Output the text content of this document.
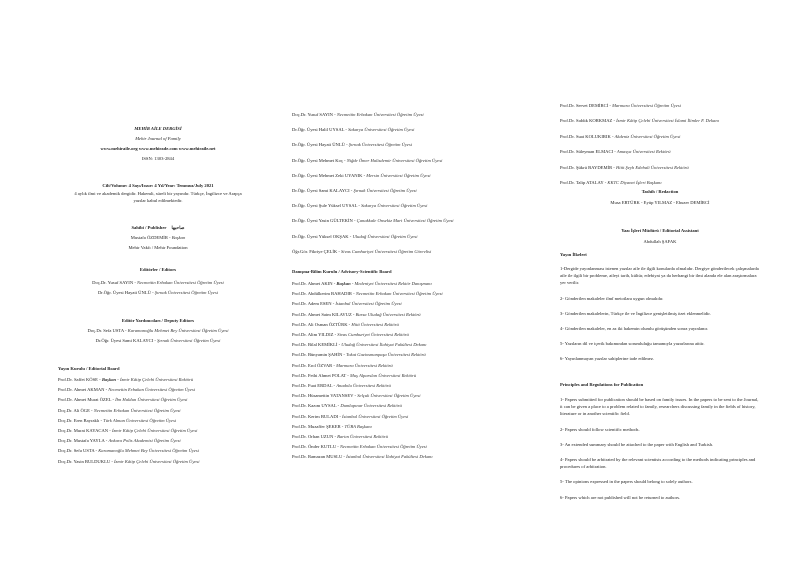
MEHİR AİLE DERGİSİ
Mehir Journal of Family
www.mehiraile.org www.mehirade.com www.mehiraile.net
ISSN: 1303-2844
Cilt/Volume: 4 Sayı/Issue: 4 Yıl/Year: Temmuz/July 2021
4 aylık ilmi ve akademik dergidir. Hakemli, süreli bir yayındır. Türkçe, İngilizce ve Arapça
yazılar kabul edilmektedir.
Sahibi / Publisher صاحبها
Mustafa ÖZDEMİR - Başkan
Mehir Vakfı / Mehir Foundation
Editörler / Editors
Doç.Dr. Yusuf SAYIN - Necmettin Erbakan Üniversitesi Öğretim Üyesi
Dr.Öğr. Üyesi Hayati ÜNLÜ - Şırnak Üniversitesi Öğretim Üyesi
Editör Yardımcıları / Deputy Editors
Doç.Dr. Sefa USTA - Karamanoğlu Mehmet Bey Üniversitesi Öğretim Üyesi
Dr.Öğr. Üyesi Sami KALAYCI - Şırnak Üniversitesi Öğretim Üyesi
Yayın Kurulu / Editorial Board
Prof.Dr. Saffet KÖSE - Başkan - İzmir Kâtip Çelebi Üniversitesi Rektörü
Prof.Dr. Ahmet AKMAN - Necmettin Erbakan Üniversitesi Öğretim Üyesi
Prof.Dr. Ahmet Murat ÖZEL - İbn Haldun Üniversitesi Öğretim Üyesi
Doç.Dr. Ali ÖGE - Necmettin Erbakan Üniversitesi Öğretim Üyesi
Doç.Dr. Eren Bayraklı - Türk Alman Üniversitesi Öğretim Üyesi
Doç.Dr. Murat KAYACAN - İzmir Kâtip Çelebi Üniversitesi Öğretim Üyesi
Doç.Dr. Mustafa YAYLA - Ankara Polis Akademisi Öğretim Üyesi
Doç.Dr. Sefa USTA - Karamanoğlu Mehmet Bey Üniversitesi Öğretim Üyesi
Doç.Dr. Yasin BULDUKLU - İzmir Kâtip Çelebi Üniversitesi Öğretim Üyesi
Doç.Dr. Yusuf SAYIN - Necmettin Erbakan Üniversitesi Öğretim Üyesi
Dr.Öğr. Üyesi Halil UYSAL - Sakarya Üniversitesi Öğretim Üyesi
Dr.Öğr. Üyesi Hayati ÜNLÜ - Şırnak Üniversitesi Öğretim Üyesi
Dr.Öğr. Üyesi Mehmet Koç - Niğde Ömer Halisdemir Üniversitesi Öğretim Üyesi
Dr.Öğr. Üyesi Mehmet Zeki UYANIK - Mersin Üniversitesi Öğretim Üyesi
Dr.Öğr. Üyesi Sami KALAYCI - Şırnak Üniversitesi Öğretim Üyesi
Dr.Öğr. Üyesi Şule Yüksel UYSAL - Sakarya Üniversitesi Öğretim Üyesi
Dr.Öğr. Üyesi Yasin GÜLTEKİN - Çanakkale Onsekiz Mart Üniversitesi Öğretim Üyesi
Dr.Öğr. Üyesi Yüksel OKŞAK - Uludağ Üniversitesi Öğretim Üyesi
Öğr.Gör. Fikriye ÇELİK - Sivas Cumhuriyet Üniversitesi Öğretim Görevlisi
Danışma-Bilim Kurulu / Advisory-Scientific Board
Prof.Dr. Ahmet AKIN - Başkan - Medeniyet Üniversitesi Rektör Danışmanı
Prof.Dr. Abdülkerim BAHADIR - Necmettin Erbakan Üniversitesi Öğretim Üyesi
Prof.Dr. Adem ESEN - İstanbul Üniversitesi Öğretim Üyesi
Prof.Dr. Ahmet Saim KILAVUZ - Bursa Uludağ Üniversitesi Rektörü
Prof.Dr. Ali Osman ÖZTÜRK - Hitit Üniversitesi Rektörü
Prof.Dr. Alim YILDIZ - Sivas Cumhuriyet Üniversitesi Rektörü
Prof.Dr. Bilal KEMİKLİ - Uludağ Üniversitesi İlahiyat Fakültesi Dekanı
Prof.Dr. Bünyamin ŞAHİN - Tokat Gaziosmanpaşa Üniversitesi Rektörü
Prof.Dr. Erol ÖZVAR - Marmara Üniversitesi Rektörü
Prof.Dr. Fethi Ahmet POLAT - Muş Alparslan Üniversitesi Rektörü
Prof.Dr. Fuat ERDAL - Anadolu Üniversitesi Rektörü
Prof.Dr. Hüsamettin VATANSEV - Selçuk Üniversitesi Öğretim Üyesi
Prof.Dr. Kazım UYSAL - Dumlupınar Üniversitesi Rektörü
Prof.Dr. Kerim BULADI - İstanbul Üniversitesi Öğretim Üyesi
Prof.Dr. Muzaffer ŞEKER - TÜBA Başkanı
Prof.Dr. Orhan UZUN - Bartın Üniversitesi Rektörü
Prof.Dr. Önder KUTLU - Necmettin Erbakan Üniversitesi Öğretim Üyesi
Prof.Dr. Ramazan MUSLU - İstanbul Üniversitesi İlahiyat Fakültesi Dekanı
Prof.Dr. Servet DEMİRCİ - Marmara Üniversitesi Öğretim Üyesi
Prof.Dr. Sıddık KORKMAZ - İzmir Kâtip Çelebi Üniversitesi İslami İlimler F. Dekanı
Prof.Dr. Suat KOLUKIRIK - Akdeniz Üniversitesi Öğretim Üyesi
Prof.Dr. Süleyman ELMACI - Amasya Üniversitesi Rektörü
Prof.Dr. Şükrü BAYDEMİR - Hitit Şeyh Edebali Üniversitesi Rektörü
Prof.Dr. Talip ATALAY - KKTC Diyanet İşleri Başkanı
Tashih / Redaction
Musa ERTÜRK - Eyüp YILMAZ - Ebuzer DEMİRCİ
Yazı İşleri Müdürü / Editorial Assistant
Abdullah ŞAFAK
Yayın İlkeleri
1-Dergide yayınlanması istenen yazılar aile ile ilgili konularda olmalıdır. Dergiye gönderilecek çalışmalarda aile ile ilgili bir probleme, aileyi tarih, kültür, edebiyat ya da herhangi bir ilmi alanda ele alan araştırmalara yer verilir.
2- Gönderilen makaleler ilmî metotlara uygun olmalıdır.
3- Gönderilen makalelerin, Türkçe ile ve İngilizce genişletilmiş özet eklenmelidir.
4- Gönderilen makaleler, en az iki hakemin olumlu görüşünden sonra yayınlanır.
5- Yazıların dil ve içerik bakımından sorumluluğu tamamıyla yazarlarına aittir.
6- Yayınlanmayan yazılar sahiplerine iade edilmez.
Principles and Regulations for Publication
1- Papers submitted for publication should be based on family issues. In the papers to be sent to the Journal, it can be given a place to a problem related to family, researchers discussing family in the fields of history, literature or in another scientific field.
2- Papers should follow scientific methods.
3- An extended summary should be attached to the paper with English and Turkish.
4- Papers should be arbitrated by the relevant scientists according to the methods indicating principles and procedures of arbitration.
5- The opinions expressed in the papers should belong to solely authors.
6- Papers which are not published will not be returned to authors.
